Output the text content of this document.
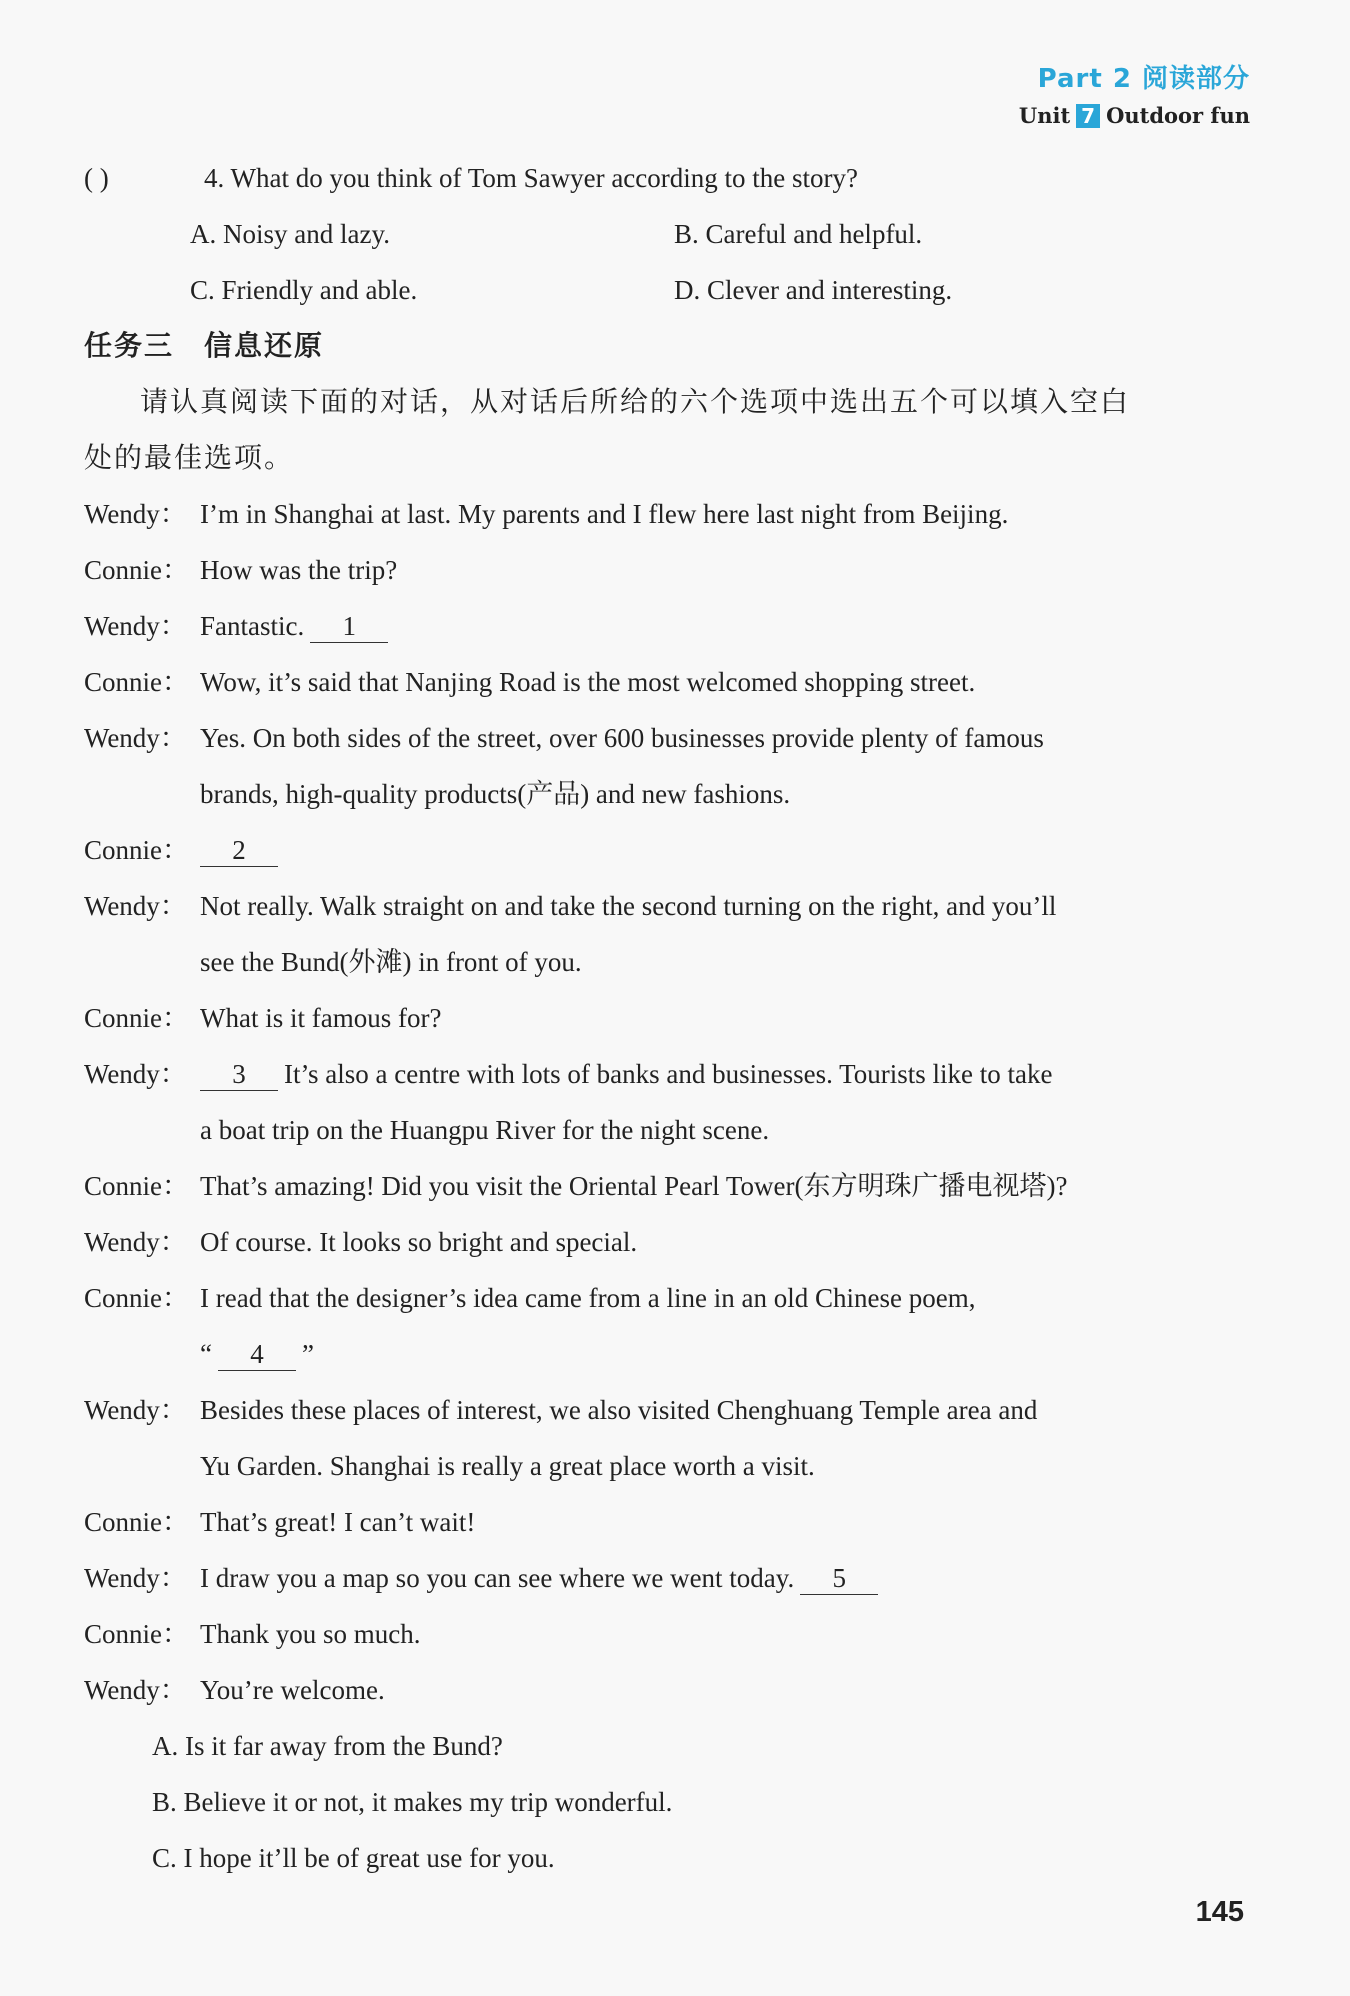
Part 2 阅读部分
Unit 7 Outdoor fun
( )	4. What do you think of Tom Sawyer according to the story?
A. Noisy and lazy.	B. Careful and helpful.
C. Friendly and able.	D. Clever and interesting.
任务三　信息还原
请认真阅读下面的对话，从对话后所给的六个选项中选出五个可以填入空白
处的最佳选项。
Wendy： I’m in Shanghai at last. My parents and I flew here last night from Beijing.
Connie： How was the trip?
Wendy： Fantastic. 1
Connie： Wow, it’s said that Nanjing Road is the most welcomed shopping street.
Wendy： Yes. On both sides of the street, over 600 businesses provide plenty of famous
brands, high-quality products(产品) and new fashions.
Connie： 2
Wendy： Not really. Walk straight on and take the second turning on the right, and you’ll
see the Bund(外滩) in front of you.
Connie： What is it famous for?
Wendy： 3 It’s also a centre with lots of banks and businesses. Tourists like to take
a boat trip on the Huangpu River for the night scene.
Connie： That’s amazing! Did you visit the Oriental Pearl Tower(东方明珠广播电视塔)?
Wendy： Of course. It looks so bright and special.
Connie： I read that the designer’s idea came from a line in an old Chinese poem,
“ 4 ”
Wendy： Besides these places of interest, we also visited Chenghuang Temple area and
Yu Garden. Shanghai is really a great place worth a visit.
Connie： That’s great! I can’t wait!
Wendy： I draw you a map so you can see where we went today. 5
Connie： Thank you so much.
Wendy： You’re welcome.
A. Is it far away from the Bund?
B. Believe it or not, it makes my trip wonderful.
C. I hope it’ll be of great use for you.
145
